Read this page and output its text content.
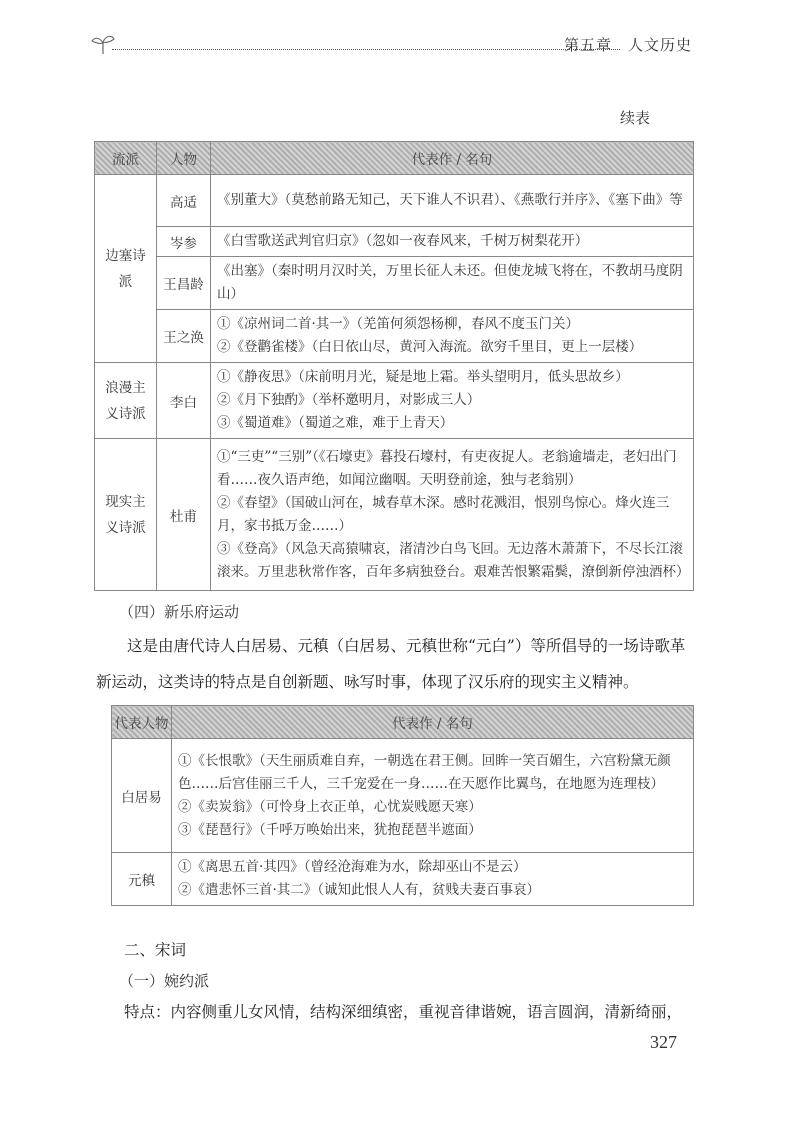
第五章　人文历史
续表
流派	人物	代表作 / 名句
边塞诗派	高适	《别董大》（莫愁前路无知己，天下谁人不识君）、《燕歌行并序》、《塞下曲》等

	岑参	《白雪歌送武判官归京》（忽如一夜春风来，千树万树梨花开）

	王昌龄	《出塞》（秦时明月汉时关，万里长征人未还。但使龙城飞将在，不教胡马度阴山）

	王之涣	①《凉州词二首·其一》（羌笛何须怨杨柳，春风不度玉门关）
②《登鹳雀楼》（白日依山尽，黄河入海流。欲穷千里目，更上一层楼）

浪漫主义诗派	李白	①《静夜思》（床前明月光，疑是地上霜。举头望明月，低头思故乡）
②《月下独酌》（举杯邀明月，对影成三人）
③《蜀道难》（蜀道之难，难于上青天）

现实主义诗派	杜甫	①“三吏”“三别”（《石壕吏》暮投石壕村，有吏夜捉人。老翁逾墙走，老妇出门看……夜久语声绝，如闻泣幽咽。天明登前途，独与老翁别）
②《春望》（国破山河在，城春草木深。感时花溅泪，恨别鸟惊心。烽火连三月，家书抵万金……）
③《登高》（风急天高猿啸哀，渚清沙白鸟飞回。无边落木萧萧下，不尽长江滚滚来。万里悲秋常作客，百年多病独登台。艰难苦恨繁霜鬓，潦倒新停浊酒杯）
（四）新乐府运动
这是由唐代诗人白居易、元稹（白居易、元稹世称“元白”）等所倡导的一场诗歌革新运动，这类诗的特点是自创新题、咏写时事，体现了汉乐府的现实主义精神。
代表人物	代表作 / 名句
白居易	①《长恨歌》（天生丽质难自弃，一朝选在君王侧。回眸一笑百媚生，六宫粉黛无颜色……后宫佳丽三千人，三千宠爱在一身……在天愿作比翼鸟，在地愿为连理枝）
②《卖炭翁》（可怜身上衣正单，心忧炭贱愿天寒）
③《琵琶行》（千呼万唤始出来，犹抱琵琶半遮面）

元稹	①《离思五首·其四》（曾经沧海难为水，除却巫山不是云）
②《遣悲怀三首·其二》（诚知此恨人人有，贫贱夫妻百事哀）
二、宋词
（一）婉约派
特点：内容侧重儿女风情，结构深细缜密，重视音律谐婉，语言圆润，清新绮丽，
327
